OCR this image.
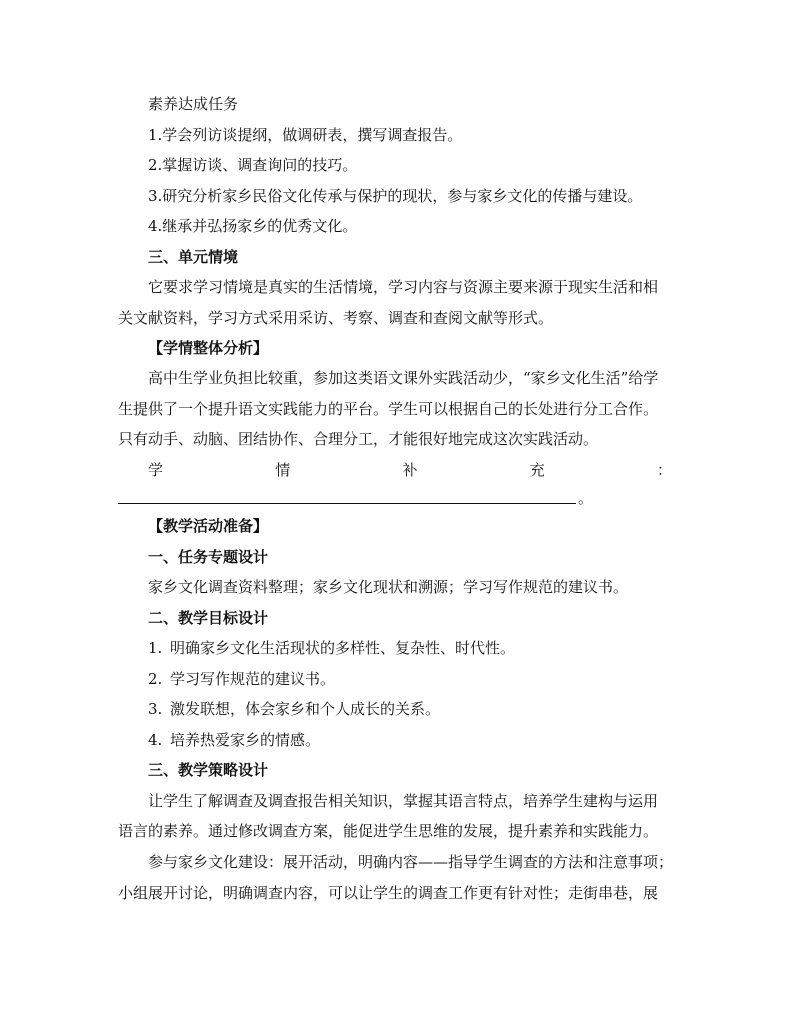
素养达成任务
1.学会列访谈提纲，做调研表，撰写调查报告。
2.掌握访谈、调查询问的技巧。
3.研究分析家乡民俗文化传承与保护的现状，参与家乡文化的传播与建设。
4.继承并弘扬家乡的优秀文化。
三、单元情境
它要求学习情境是真实的生活情境，学习内容与资源主要来源于现实生活和相
关文献资料，学习方式采用采访、考察、调查和查阅文献等形式。
【学情整体分析】
高中生学业负担比较重，参加这类语文课外实践活动少，“家乡文化生活”给学
生提供了一个提升语文实践能力的平台。学生可以根据自己的长处进行分工合作。
只有动手、动脑、团结协作、合理分工，才能很好地完成这次实践活动。
学	情	补	充	：
。
【教学活动准备】
一、任务专题设计
家乡文化调查资料整理；家乡文化现状和溯源；学习写作规范的建议书。
二、教学目标设计
1. 明确家乡文化生活现状的多样性、复杂性、时代性。
2. 学习写作规范的建议书。
3. 激发联想，体会家乡和个人成长的关系。
4. 培养热爱家乡的情感。
三、教学策略设计
让学生了解调查及调查报告相关知识，掌握其语言特点，培养学生建构与运用
语言的素养。通过修改调查方案，能促进学生思维的发展，提升素养和实践能力。
参与家乡文化建设：展开活动，明确内容——指导学生调查的方法和注意事项；
小组展开讨论，明确调查内容，可以让学生的调查工作更有针对性；走街串巷，展
